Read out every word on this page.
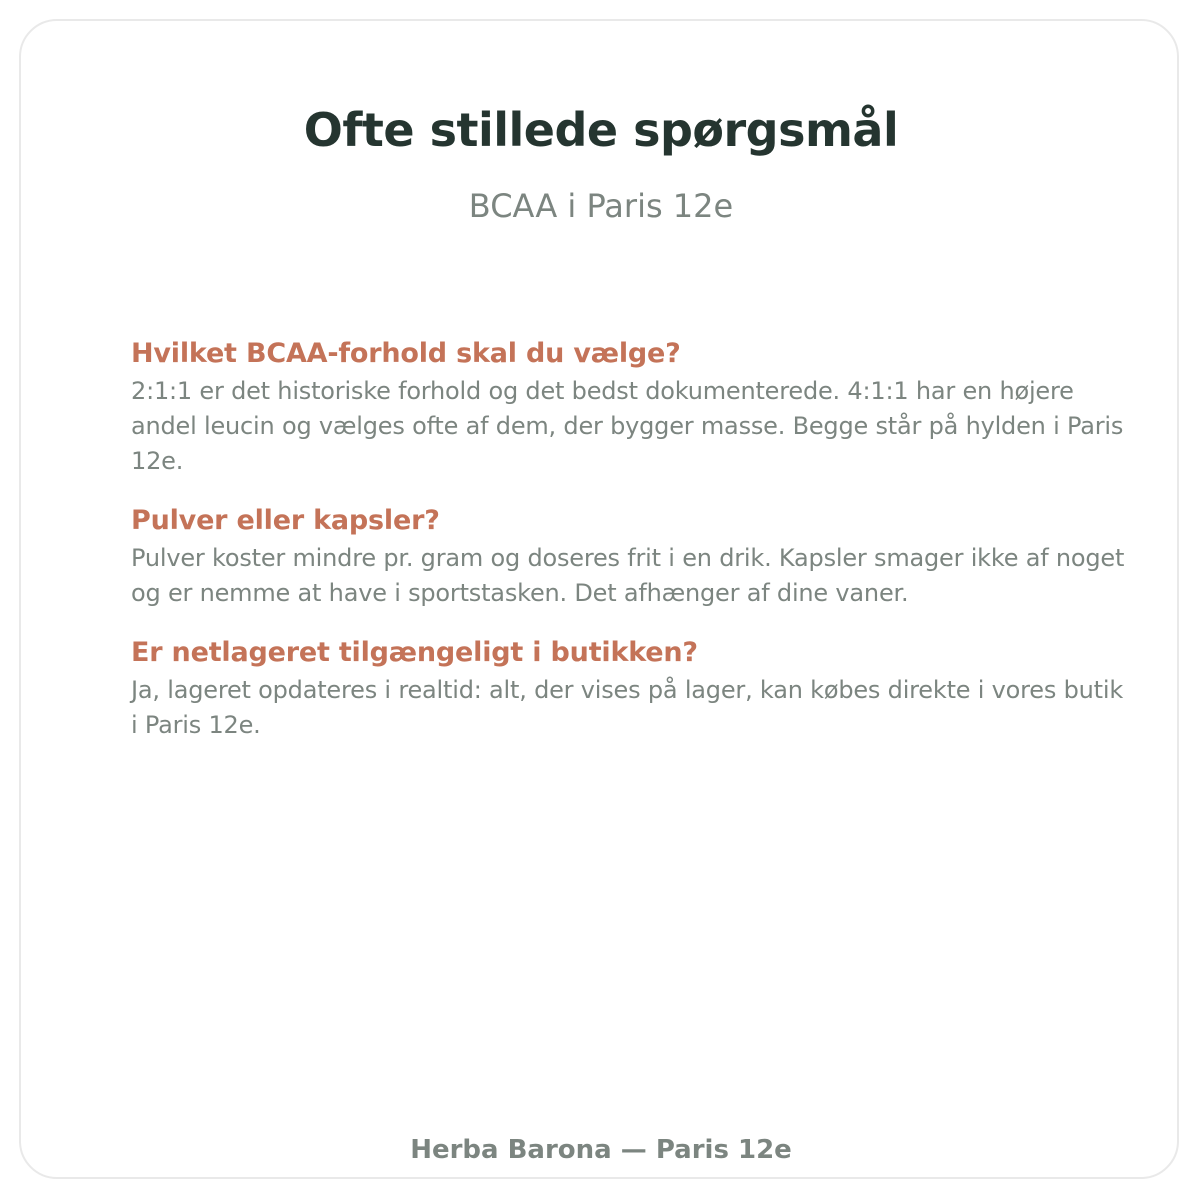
Ofte stillede spørgsmål

BCAA i Paris 12e

Hvilket BCAA-forhold skal du vælge?

2:1:1 er det historiske forhold og det bedst dokumenterede. 4:1:1 har en højere andel leucin og vælges ofte af dem, der bygger masse. Begge står på hylden i Paris 12e.

Pulver eller kapsler?

Pulver koster mindre pr. gram og doseres frit i en drik. Kapsler smager ikke af noget og er nemme at have i sportstasken. Det afhænger af dine vaner.

Er netlageret tilgængeligt i butikken?

Ja, lageret opdateres i realtid: alt, der vises på lager, kan købes direkte i vores butik i Paris 12e.

Herba Barona — Paris 12e
